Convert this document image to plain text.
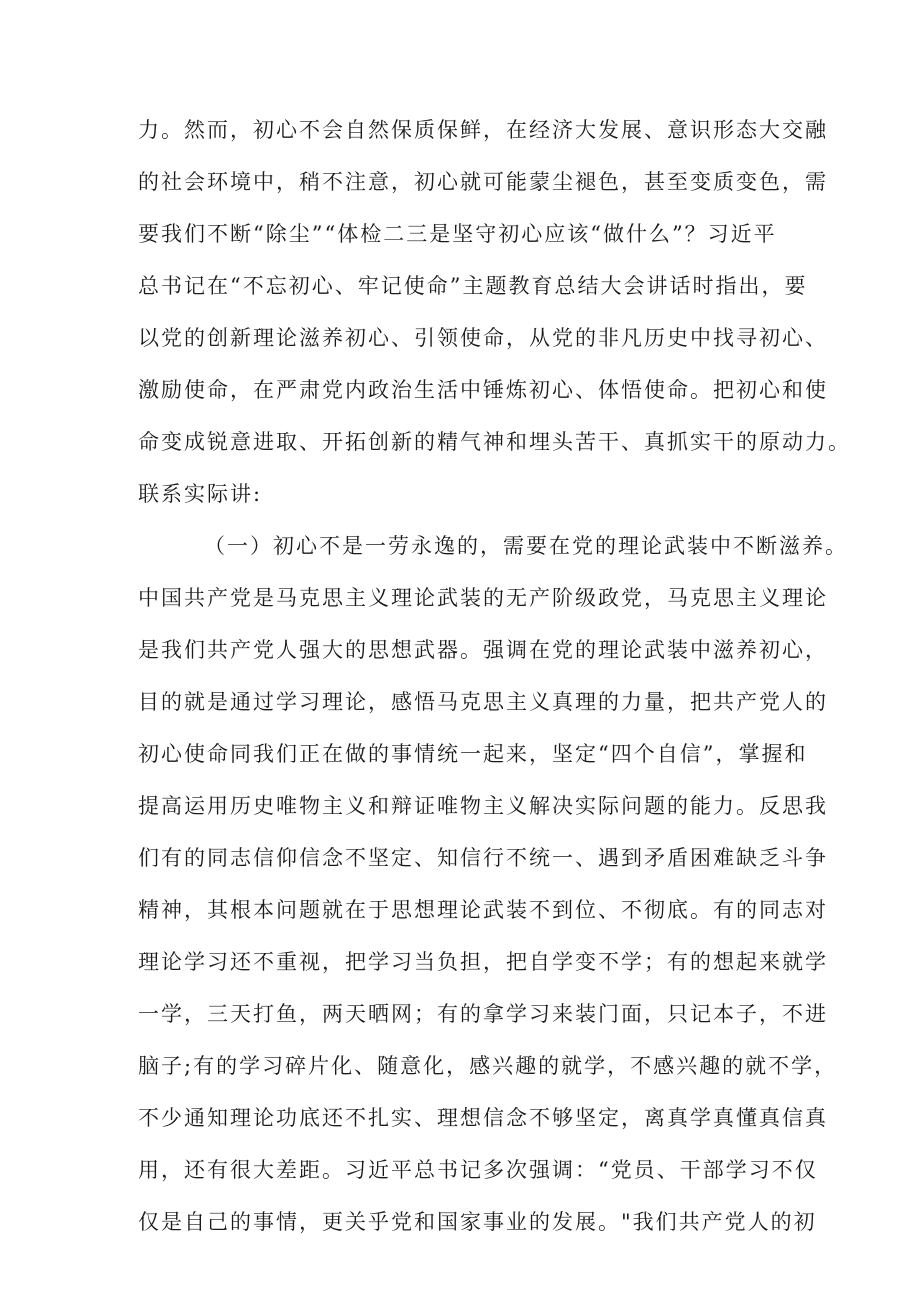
力。然而，初心不会自然保质保鲜，在经济大发展、意识形态大交融
的社会环境中，稍不注意，初心就可能蒙尘褪色，甚至变质变色，需
要我们不断“除尘”“体检二三是坚守初心应该“做什么”？习近平
总书记在“不忘初心、牢记使命”主题教育总结大会讲话时指出，要
以党的创新理论滋养初心、引领使命，从党的非凡历史中找寻初心、
激励使命，在严肃党内政治生活中锤炼初心、体悟使命。把初心和使
命变成锐意进取、开拓创新的精气神和埋头苦干、真抓实干的原动力。
联系实际讲:
（一）初心不是一劳永逸的，需要在党的理论武装中不断滋养。
中国共产党是马克思主义理论武装的无产阶级政党，马克思主义理论
是我们共产党人强大的思想武器。强调在党的理论武装中滋养初心，
目的就是通过学习理论，感悟马克思主义真理的力量，把共产党人的
初心使命同我们正在做的事情统一起来，坚定“四个自信”，掌握和
提高运用历史唯物主义和辩证唯物主义解决实际问题的能力。反思我
们有的同志信仰信念不坚定、知信行不统一、遇到矛盾困难缺乏斗争
精神，其根本问题就在于思想理论武装不到位、不彻底。有的同志对
理论学习还不重视，把学习当负担，把自学变不学；有的想起来就学
一学，三天打鱼，两天晒网；有的拿学习来装门面，只记本子，不进
脑子;有的学习碎片化、随意化，感兴趣的就学，不感兴趣的就不学，
不少通知理论功底还不扎实、理想信念不够坚定，离真学真懂真信真
用，还有很大差距。习近平总书记多次强调：“党员、干部学习不仅
仅是自己的事情，更关乎党和国家事业的发展。"我们共产党人的初
